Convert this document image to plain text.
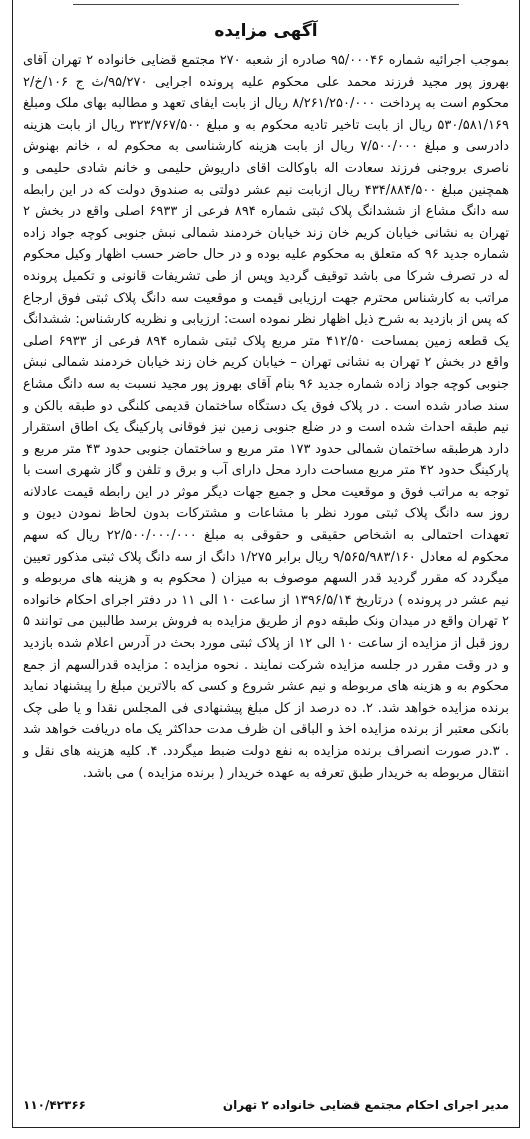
آگهی مزایده

بموجب اجرائیه شماره ۹۵/۰۰۰۴۶ صادره از شعبه ۲۷۰ مجتمع قضایی خانواده ۲ تهران آقای بهروز پور مجید فرزند محمد علی محکوم علیه پرونده اجرایی ۹۵/۲۷۰/ث ج ۱۰۶/خ/۲ محکوم است به پرداخت ۸/۲۶۱/۲۵۰/۰۰۰ ریال از بابت ایفای تعهد و مطالبه بهای ملک ومبلغ ۵۳۰/۵۸۱/۱۶۹ ریال از بابت تاخیر تادیه محکوم به و مبلغ ۳۲۳/۷۶۷/۵۰۰ ریال از بابت هزینه دادرسی و مبلغ ۷/۵۰۰/۰۰۰ ریال از بابت هزینه کارشناسی به محکوم له ، خانم بهنوش ناصری بروجنی فرزند سعادت اله باوکالت اقای داریوش حلیمی و خانم شادی حلیمی و همچنین مبلغ ۴۳۴/۸۸۴/۵۰۰ ریال ازبابت نیم عشر دولتی به صندوق دولت که در این رابطه سه دانگ مشاع از ششدانگ پلاک ثبتی شماره ۸۹۴ فرعی از ۶۹۳۳ اصلی واقع در بخش ۲ تهران به نشانی خیابان کریم خان زند خیابان خردمند شمالی نبش جنوبی کوچه جواد زاده شماره جدید ۹۶ که متعلق به محکوم علیه بوده و در حال حاضر حسب اظهار وکیل محکوم له در تصرف شرکا می باشد توقیف گردید وپس از طی تشریفات قانونی و تکمیل پرونده مراتب به کارشناس محترم جهت ارزیابی قیمت و موقعیت سه دانگ پلاک ثبتی فوق ارجاع که پس از بازدید به شرح ذیل اظهار نظر نموده است: ارزیابی و نظریه کارشناس: ششدانگ یک قطعه زمین بمساحت ۴۱۲/۵۰ متر مربع پلاک ثبتی شماره ۸۹۴ فرعی از ۶۹۳۳ اصلی واقع در بخش ۲ تهران به نشانی تهران – خیابان کریم خان زند خیابان خردمند شمالی نبش جنوبی کوچه جواد زاده شماره جدید ۹۶ بنام آقای بهروز پور مجید نسبت به سه دانگ مشاع سند صادر شده است . در پلاک فوق یک دستگاه ساختمان قدیمی کلنگی دو طبقه بالکن و نیم طبقه احداث شده است و در ضلع جنوبی زمین نیز فوقانی پارکینگ یک اطاق استقرار دارد هرطبقه ساختمان شمالی حدود ۱۷۳ متر مربع و ساختمان جنوبی حدود ۴۳ متر مربع و پارکینگ حدود ۴۲ متر مربع مساحت دارد محل دارای آب و برق و تلفن و گاز شهری است با توجه به مراتب فوق و موقعیت محل و جمیع جهات دیگر موثر در این رابطه قیمت عادلانه روز سه دانگ پلاک ثبتی مورد نظر با مشاعات و مشترکات بدون لحاظ نمودن دیون و تعهدات احتمالی به اشخاص حقیقی و حقوقی به مبلغ ۲۲/۵۰۰/۰۰۰/۰۰۰ ریال که سهم محکوم له معادل ۹/۵۶۵/۹۸۳/۱۶۰ ریال برابر ۱/۲۷۵ دانگ از سه دانگ پلاک ثبتی مذکور تعیین میگردد که مقرر گردید قدر السهم موصوف به میزان ( محکوم به و هزینه های مربوطه و نیم عشر در پرونده ) درتاریخ ۱۳۹۶/۵/۱۴ از ساعت ۱۰ الی ۱۱ در دفتر اجرای احکام خانواده ۲ تهران واقع در میدان ونک طبقه دوم از طریق مزایده به فروش برسد طالبین می توانند ۵ روز قبل از مزایده از ساعت ۱۰ الی ۱۲ از پلاک ثبتی مورد بحث در آدرس اعلام شده بازدید و در وقت مقرر در جلسه مزایده شرکت نمایند . نحوه مزایده : مزایده قدرالسهم از جمع محکوم به و هزینه های مربوطه و نیم عشر شروع و کسی که بالاترین مبلغ را پیشنهاد نماید برنده مزایده خواهد شد. ۲. ده درصد از کل مبلغ پیشنهادی فی المجلس نقدا و یا طی چک بانکی معتبر از برنده مزایده اخذ و الباقی ان ظرف مدت حداکثر یک ماه دریافت خواهد شد . ۳.در صورت انصراف برنده مزایده به نفع دولت ضبط میگردد. ۴. کلیه هزینه های نقل و انتقال مربوطه به خریدار طبق تعرفه به عهده خریدار ( برنده مزایده ) می باشد.

مدیر اجرای احکام مجتمع قضایی خانواده ۲ تهران
۱۱۰/۴۲۳۶۶
